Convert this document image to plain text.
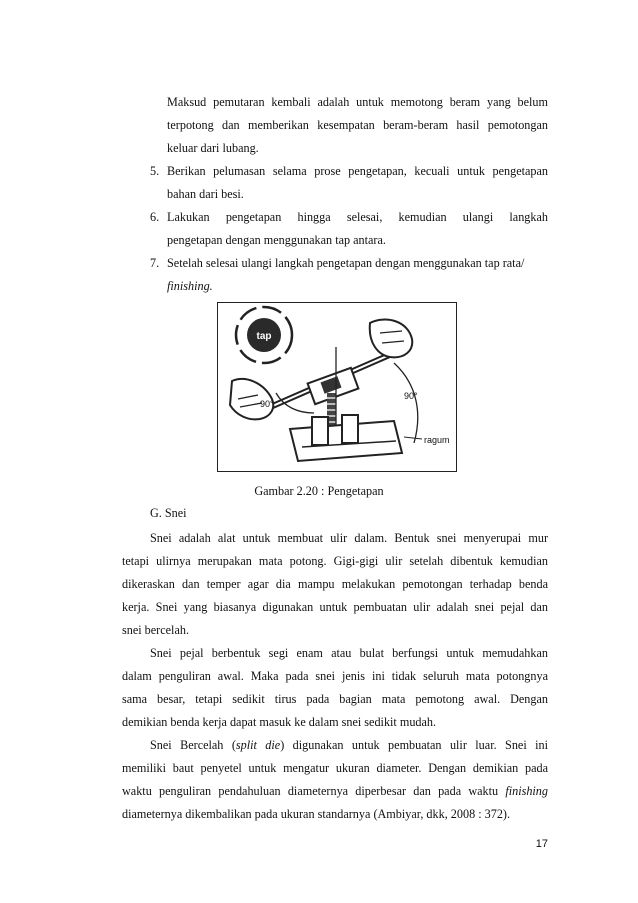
Maksud pemutaran kembali adalah untuk memotong beram yang belum
terpotong dan memberikan kesempatan beram-beram hasil pemotongan
keluar dari lubang.
5. Berikan pelumasan selama prose pengetapan, kecuali untuk pengetapan
bahan dari besi.
6. Lakukan pengetapan hingga selesai, kemudian ulangi langkah
pengetapan dengan menggunakan tap antara.
7. Setelah selesai ulangi langkah pengetapan dengan menggunakan tap rata/
finishing.
tap
90°
90°
ragum
Gambar 2.20 : Pengetapan
G. Snei
Snei adalah alat untuk membuat ulir dalam. Bentuk snei menyerupai mur
tetapi ulirnya merupakan mata potong. Gigi-gigi ulir setelah dibentuk kemudian
dikeraskan dan temper agar dia mampu melakukan pemotongan terhadap benda
kerja. Snei yang biasanya digunakan untuk pembuatan ulir adalah snei pejal dan
snei bercelah.
Snei pejal berbentuk segi enam atau bulat berfungsi untuk memudahkan
dalam penguliran awal. Maka pada snei jenis ini tidak seluruh mata potongnya
sama besar, tetapi sedikit tirus pada bagian mata pemotong awal. Dengan
demikian benda kerja dapat masuk ke dalam snei sedikit mudah.
Snei Bercelah (split die) digunakan untuk pembuatan ulir luar. Snei ini
memiliki baut penyetel untuk mengatur ukuran diameter. Dengan demikian pada
waktu penguliran pendahuluan diameternya diperbesar dan pada waktu finishing
diameternya dikembalikan pada ukuran standarnya (Ambiyar, dkk, 2008 : 372).
17
